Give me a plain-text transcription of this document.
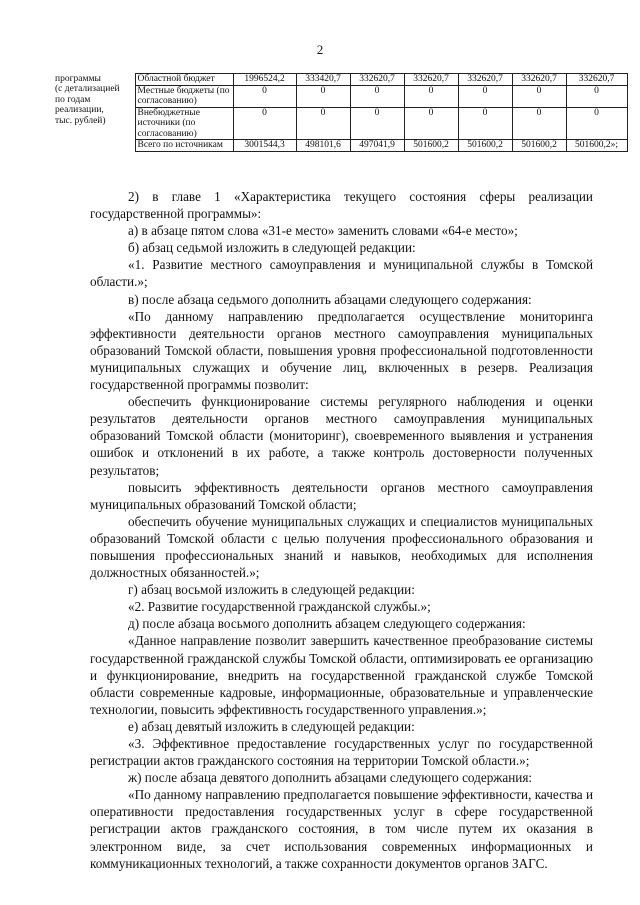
2
программы
(с детализацией
по годам
реализации,
тыс. рублей)	Областной бюджет	1996524,2	333420,7	332620,7	332620,7	332620,7	332620,7	332620,7
	Местные бюджеты (по согласованию)	0	0	0	0	0	0	0
	Внебюджетные источники (по согласованию)	0	0	0	0	0	0	0
	Всего по источникам	3001544,3	498101,6	497041,9	501600,2	501600,2	501600,2	501600,2»;

2) в главе 1 «Характеристика текущего состояния сферы реализации государственной программы»:

а) в абзаце пятом слова «31-е место» заменить словами «64-е место»;

б) абзац седьмой изложить в следующей редакции:

«1. Развитие местного самоуправления и муниципальной службы в Томской области.»;

в) после абзаца седьмого дополнить абзацами следующего содержания:

«По данному направлению предполагается осуществление мониторинга эффективности деятельности органов местного самоуправления муниципальных образований Томской области, повышения уровня профессиональной подготовленности муниципальных служащих и обучение лиц, включенных в резерв. Реализация государственной программы позволит:

обеспечить функционирование системы регулярного наблюдения и оценки результатов деятельности органов местного самоуправления муниципальных образований Томской области (мониторинг), своевременного выявления и устранения ошибок и отклонений в их работе, а также контроль достоверности полученных результатов;

повысить эффективность деятельности органов местного самоуправления муниципальных образований Томской области;

обеспечить обучение муниципальных служащих и специалистов муниципальных образований Томской области с целью получения профессионального образования и повышения профессиональных знаний и навыков, необходимых для исполнения должностных обязанностей.»;

г) абзац восьмой изложить в следующей редакции:

«2. Развитие государственной гражданской службы.»;

д) после абзаца восьмого дополнить абзацем следующего содержания:

«Данное направление позволит завершить качественное преобразование системы государственной гражданской службы Томской области, оптимизировать ее организацию и функционирование, внедрить на государственной гражданской службе Томской области современные кадровые, информационные, образовательные и управленческие технологии, повысить эффективность государственного управления.»;

е) абзац девятый изложить в следующей редакции:

«3. Эффективное предоставление государственных услуг по государственной регистрации актов гражданского состояния на территории Томской области.»;

ж) после абзаца девятого дополнить абзацами следующего содержания:

«По данному направлению предполагается повышение эффективности, качества и оперативности предоставления государственных услуг в сфере государственной регистрации актов гражданского состояния, в том числе путем их оказания в электронном виде, за счет использования современных информационных и коммуникационных технологий, а также сохранности документов органов ЗАГС.
